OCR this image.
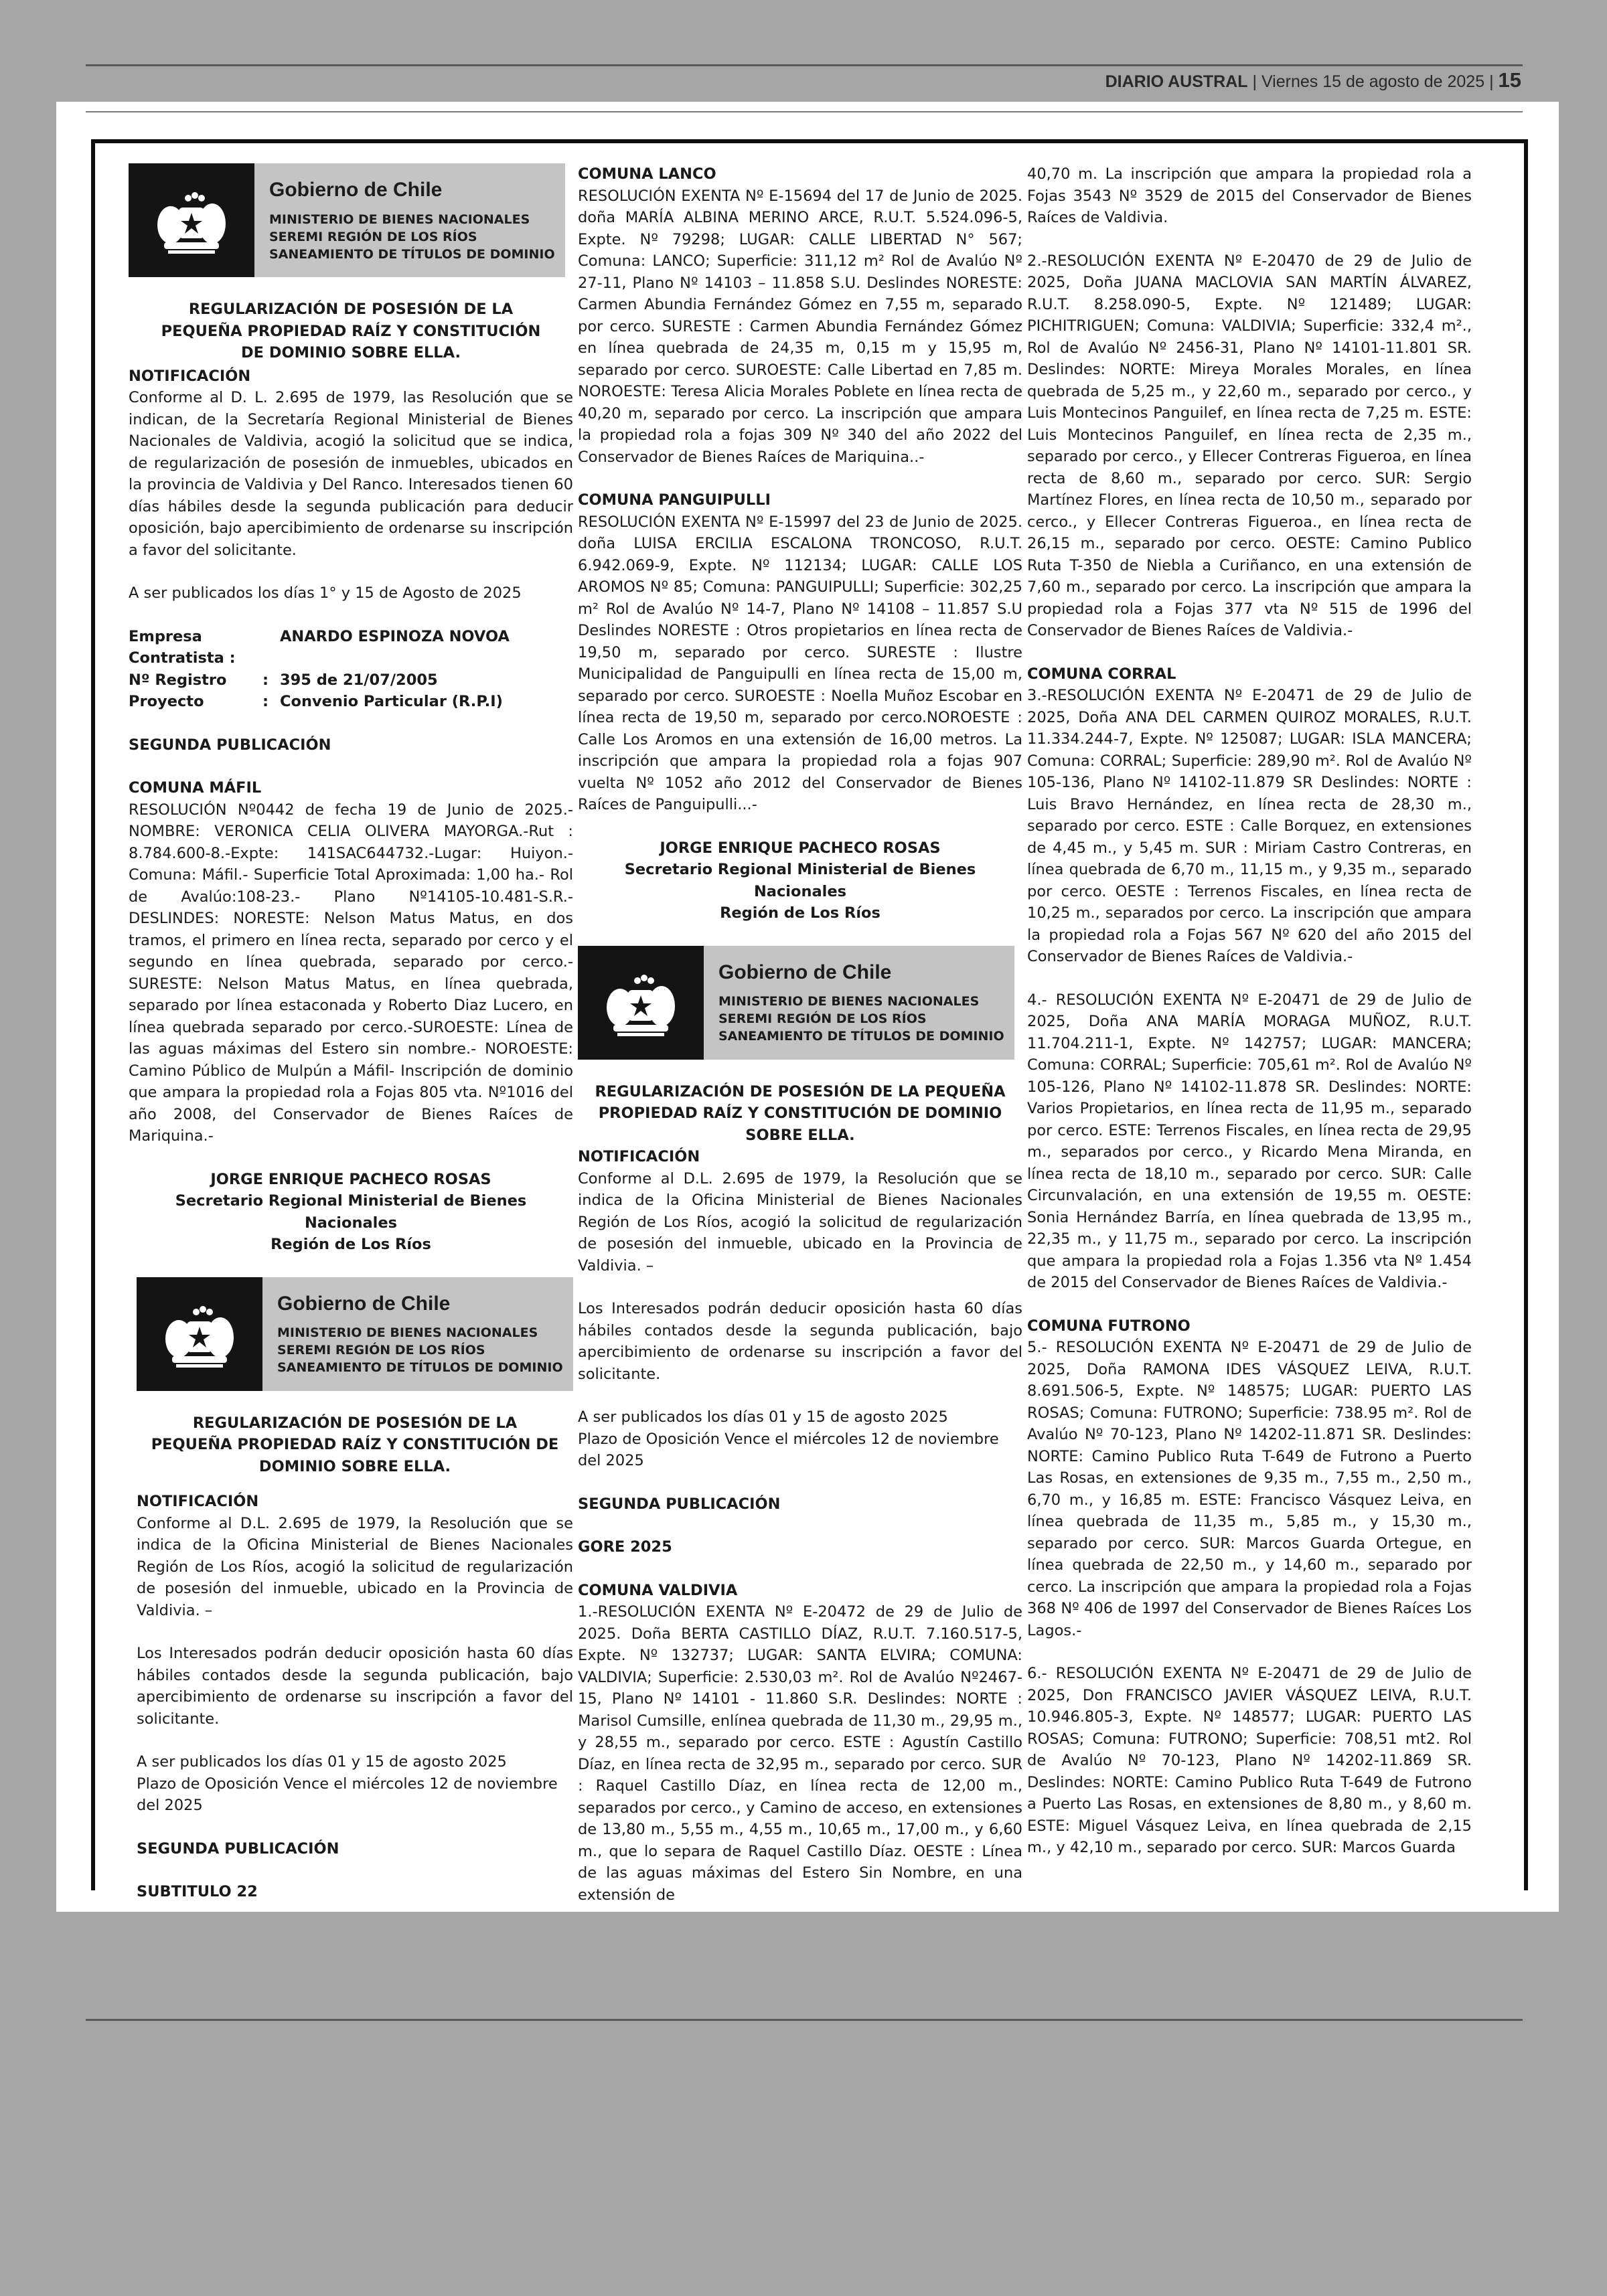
DIARIO AUSTRAL | Viernes 15 de agosto de 2025 | 15
Gobierno de Chile
MINISTERIO DE BIENES NACIONALES
SEREMI REGIÓN DE LOS RÍOS
SANEAMIENTO DE TÍTULOS DE DOMINIO
REGULARIZACIÓN DE POSESIÓN DE LA PEQUEÑA PROPIEDAD RAÍZ Y CONSTITUCIÓN DE DOMINIO SOBRE ELLA.
NOTIFICACIÓN
Conforme al D. L. 2.695 de 1979, las Resolución que se indican, de la Secretaría Regional Ministerial de Bienes Nacionales de Valdivia, acogió la solicitud que se indica, de regularización de posesión de inmuebles, ubicados en la provincia de Valdivia y Del Ranco. Interesados tienen 60 días hábiles desde la segunda publicación para deducir oposición, bajo apercibimiento de ordenarse su inscripción a favor del solicitante.
A ser publicados los días 1° y 15 de Agosto de 2025
Empresa Contratista :
ANARDO ESPINOZA NOVOA
Nº Registro	: 395 de 21/07/2005
Proyecto	: Convenio Particular (R.P.I)
SEGUNDA PUBLICACIÓN
COMUNA MÁFIL
RESOLUCIÓN Nº0442 de fecha 19 de Junio de 2025.- NOMBRE: VERONICA CELIA OLIVERA MAYORGA.-Rut : 8.784.600-8.-Expte: 141SAC644732.-Lugar: Huiyon.- Comuna: Máfil.- Superficie Total Aproximada: 1,00 ha.- Rol de Avalúo:108-23.- Plano Nº14105-10.481-S.R.-DESLINDES: NORESTE: Nelson Matus Matus, en dos tramos, el primero en línea recta, separado por cerco y el segundo en línea quebrada, separado por cerco.- SURESTE: Nelson Matus Matus, en línea quebrada, separado por línea estaconada y Roberto Diaz Lucero, en línea quebrada separado por cerco.-SUROESTE: Línea de las aguas máximas del Estero sin nombre.- NOROESTE: Camino Público de Mulpún a Máfil- Inscripción de dominio que ampara la propiedad rola a Fojas 805 vta. Nº1016 del año 2008, del Conservador de Bienes Raíces de Mariquina.-
JORGE ENRIQUE PACHECO ROSAS
Secretario Regional Ministerial de Bienes Nacionales
Región de Los Ríos
Gobierno de Chile
MINISTERIO DE BIENES NACIONALES
SEREMI REGIÓN DE LOS RÍOS
SANEAMIENTO DE TÍTULOS DE DOMINIO
REGULARIZACIÓN DE POSESIÓN DE LA PEQUEÑA PROPIEDAD RAÍZ Y CONSTITUCIÓN DE DOMINIO SOBRE ELLA.
NOTIFICACIÓN
Conforme al D.L. 2.695 de 1979, la Resolución que se indica de la Oficina Ministerial de Bienes Nacionales Región de Los Ríos, acogió la solicitud de regularización de posesión del inmueble, ubicado en la Provincia de Valdivia. –
Los Interesados podrán deducir oposición hasta 60 días hábiles contados desde la segunda publicación, bajo apercibimiento de ordenarse su inscripción a favor del solicitante.
A ser publicados los días 01 y 15 de agosto 2025
Plazo de Oposición Vence el miércoles 12 de noviembre del 2025
SEGUNDA PUBLICACIÓN
SUBTITULO 22
COMUNA LANCO
RESOLUCIÓN EXENTA Nº E-15694 del 17 de Junio de 2025. doña MARÍA ALBINA MERINO ARCE, R.U.T. 5.524.096-5, Expte. Nº 79298; LUGAR: CALLE LIBERTAD N° 567; Comuna: LANCO; Superficie: 311,12 m² Rol de Avalúo Nº 27-11, Plano Nº 14103 – 11.858 S.U. Deslindes NORESTE: Carmen Abundia Fernández Gómez en 7,55 m, separado por cerco. SURESTE : Carmen Abundia Fernández Gómez en línea quebrada de 24,35 m, 0,15 m y 15,95 m, separado por cerco. SUROESTE: Calle Libertad en 7,85 m. NOROESTE: Teresa Alicia Morales Poblete en línea recta de 40,20 m, separado por cerco. La inscripción que ampara la propiedad rola a fojas 309 Nº 340 del año 2022 del Conservador de Bienes Raíces de Mariquina..-
COMUNA PANGUIPULLI
RESOLUCIÓN EXENTA Nº E-15997 del 23 de Junio de 2025. doña LUISA ERCILIA ESCALONA TRONCOSO, R.U.T. 6.942.069-9, Expte. Nº 112134; LUGAR: CALLE LOS AROMOS Nº 85; Comuna: PANGUIPULLI; Superficie: 302,25 m² Rol de Avalúo Nº 14-7, Plano Nº 14108 – 11.857 S.U Deslindes NORESTE : Otros propietarios en línea recta de 19,50 m, separado por cerco. SURESTE : Ilustre Municipalidad de Panguipulli en línea recta de 15,00 m, separado por cerco. SUROESTE : Noella Muñoz Escobar en línea recta de 19,50 m, separado por cerco.NOROESTE : Calle Los Aromos en una extensión de 16,00 metros. La inscripción que ampara la propiedad rola a fojas 907 vuelta Nº 1052 año 2012 del Conservador de Bienes Raíces de Panguipulli...-
JORGE ENRIQUE PACHECO ROSAS
Secretario Regional Ministerial de Bienes Nacionales
Región de Los Ríos
Gobierno de Chile
MINISTERIO DE BIENES NACIONALES
SEREMI REGIÓN DE LOS RÍOS
SANEAMIENTO DE TÍTULOS DE DOMINIO
REGULARIZACIÓN DE POSESIÓN DE LA PEQUEÑA PROPIEDAD RAÍZ Y CONSTITUCIÓN DE DOMINIO SOBRE ELLA.
NOTIFICACIÓN
Conforme al D.L. 2.695 de 1979, la Resolución que se indica de la Oficina Ministerial de Bienes Nacionales Región de Los Ríos, acogió la solicitud de regularización de posesión del inmueble, ubicado en la Provincia de Valdivia. –
Los Interesados podrán deducir oposición hasta 60 días hábiles contados desde la segunda publicación, bajo apercibimiento de ordenarse su inscripción a favor del solicitante.
A ser publicados los días 01 y 15 de agosto 2025
Plazo de Oposición Vence el miércoles 12 de noviembre del 2025
SEGUNDA PUBLICACIÓN
GORE 2025
COMUNA VALDIVIA
1.-RESOLUCIÓN EXENTA Nº E-20472 de 29 de Julio de 2025. Doña BERTA CASTILLO DÍAZ, R.U.T. 7.160.517-5, Expte. Nº 132737; LUGAR: SANTA ELVIRA; COMUNA: VALDIVIA; Superficie: 2.530,03 m². Rol de Avalúo Nº2467-15, Plano Nº 14101 - 11.860 S.R. Deslindes: NORTE : Marisol Cumsille, enlínea quebrada de 11,30 m., 29,95 m., y 28,55 m., separado por cerco. ESTE : Agustín Castillo Díaz, en línea recta de 32,95 m., separado por cerco. SUR : Raquel Castillo Díaz, en línea recta de 12,00 m., separados por cerco., y Camino de acceso, en extensiones de 13,80 m., 5,55 m., 4,55 m., 10,65 m., 17,00 m., y 6,60 m., que lo separa de Raquel Castillo Díaz. OESTE : Línea de las aguas máximas del Estero Sin Nombre, en una extensión de
40,70 m. La inscripción que ampara la propiedad rola a Fojas 3543 Nº 3529 de 2015 del Conservador de Bienes Raíces de Valdivia.
2.-RESOLUCIÓN EXENTA Nº E-20470 de 29 de Julio de 2025, Doña JUANA MACLOVIA SAN MARTÍN ÁLVAREZ, R.U.T. 8.258.090-5, Expte. Nº 121489; LUGAR: PICHITRIGUEN; Comuna: VALDIVIA; Superficie: 332,4 m²., Rol de Avalúo Nº 2456-31, Plano Nº 14101-11.801 SR. Deslindes: NORTE: Mireya Morales Morales, en línea quebrada de 5,25 m., y 22,60 m., separado por cerco., y Luis Montecinos Panguilef, en línea recta de 7,25 m. ESTE: Luis Montecinos Panguilef, en línea recta de 2,35 m., separado por cerco., y Ellecer Contreras Figueroa, en línea recta de 8,60 m., separado por cerco. SUR: Sergio Martínez Flores, en línea recta de 10,50 m., separado por cerco., y Ellecer Contreras Figueroa., en línea recta de 26,15 m., separado por cerco. OESTE: Camino Publico Ruta T-350 de Niebla a Curiñanco, en una extensión de 7,60 m., separado por cerco. La inscripción que ampara la propiedad rola a Fojas 377 vta Nº 515 de 1996 del Conservador de Bienes Raíces de Valdivia.-
COMUNA CORRAL
3.-RESOLUCIÓN EXENTA Nº E-20471 de 29 de Julio de 2025, Doña ANA DEL CARMEN QUIROZ MORALES, R.U.T. 11.334.244-7, Expte. Nº 125087; LUGAR: ISLA MANCERA; Comuna: CORRAL; Superficie: 289,90 m². Rol de Avalúo Nº 105-136, Plano Nº 14102-11.879 SR Deslindes: NORTE : Luis Bravo Hernández, en línea recta de 28,30 m., separado por cerco. ESTE : Calle Borquez, en extensiones de 4,45 m., y 5,45 m. SUR : Miriam Castro Contreras, en línea quebrada de 6,70 m., 11,15 m., y 9,35 m., separado por cerco. OESTE : Terrenos Fiscales, en línea recta de 10,25 m., separados por cerco. La inscripción que ampara la propiedad rola a Fojas 567 Nº 620 del año 2015 del Conservador de Bienes Raíces de Valdivia.-
4.- RESOLUCIÓN EXENTA Nº E-20471 de 29 de Julio de 2025, Doña ANA MARÍA MORAGA MUÑOZ, R.U.T. 11.704.211-1, Expte. Nº 142757; LUGAR: MANCERA; Comuna: CORRAL; Superficie: 705,61 m². Rol de Avalúo Nº 105-126, Plano Nº 14102-11.878 SR. Deslindes: NORTE: Varios Propietarios, en línea recta de 11,95 m., separado por cerco. ESTE: Terrenos Fiscales, en línea recta de 29,95 m., separados por cerco., y Ricardo Mena Miranda, en línea recta de 18,10 m., separado por cerco. SUR: Calle Circunvalación, en una extensión de 19,55 m. OESTE: Sonia Hernández Barría, en línea quebrada de 13,95 m., 22,35 m., y 11,75 m., separado por cerco. La inscripción que ampara la propiedad rola a Fojas 1.356 vta Nº 1.454 de 2015 del Conservador de Bienes Raíces de Valdivia.-
COMUNA FUTRONO
5.- RESOLUCIÓN EXENTA Nº E-20471 de 29 de Julio de 2025, Doña RAMONA IDES VÁSQUEZ LEIVA, R.U.T. 8.691.506-5, Expte. Nº 148575; LUGAR: PUERTO LAS ROSAS; Comuna: FUTRONO; Superficie: 738.95 m². Rol de Avalúo Nº 70-123, Plano Nº 14202-11.871 SR. Deslindes: NORTE: Camino Publico Ruta T-649 de Futrono a Puerto Las Rosas, en extensiones de 9,35 m., 7,55 m., 2,50 m., 6,70 m., y 16,85 m. ESTE: Francisco Vásquez Leiva, en línea quebrada de 11,35 m., 5,85 m., y 15,30 m., separado por cerco. SUR: Marcos Guarda Ortegue, en línea quebrada de 22,50 m., y 14,60 m., separado por cerco. La inscripción que ampara la propiedad rola a Fojas 368 Nº 406 de 1997 del Conservador de Bienes Raíces Los Lagos.-
6.- RESOLUCIÓN EXENTA Nº E-20471 de 29 de Julio de 2025, Don FRANCISCO JAVIER VÁSQUEZ LEIVA, R.U.T. 10.946.805-3, Expte. Nº 148577; LUGAR: PUERTO LAS ROSAS; Comuna: FUTRONO; Superficie: 708,51 mt2. Rol de Avalúo Nº 70-123, Plano Nº 14202-11.869 SR. Deslindes: NORTE: Camino Publico Ruta T-649 de Futrono a Puerto Las Rosas, en extensiones de 8,80 m., y 8,60 m. ESTE: Miguel Vásquez Leiva, en línea quebrada de 2,15 m., y 42,10 m., separado por cerco. SUR: Marcos Guarda
